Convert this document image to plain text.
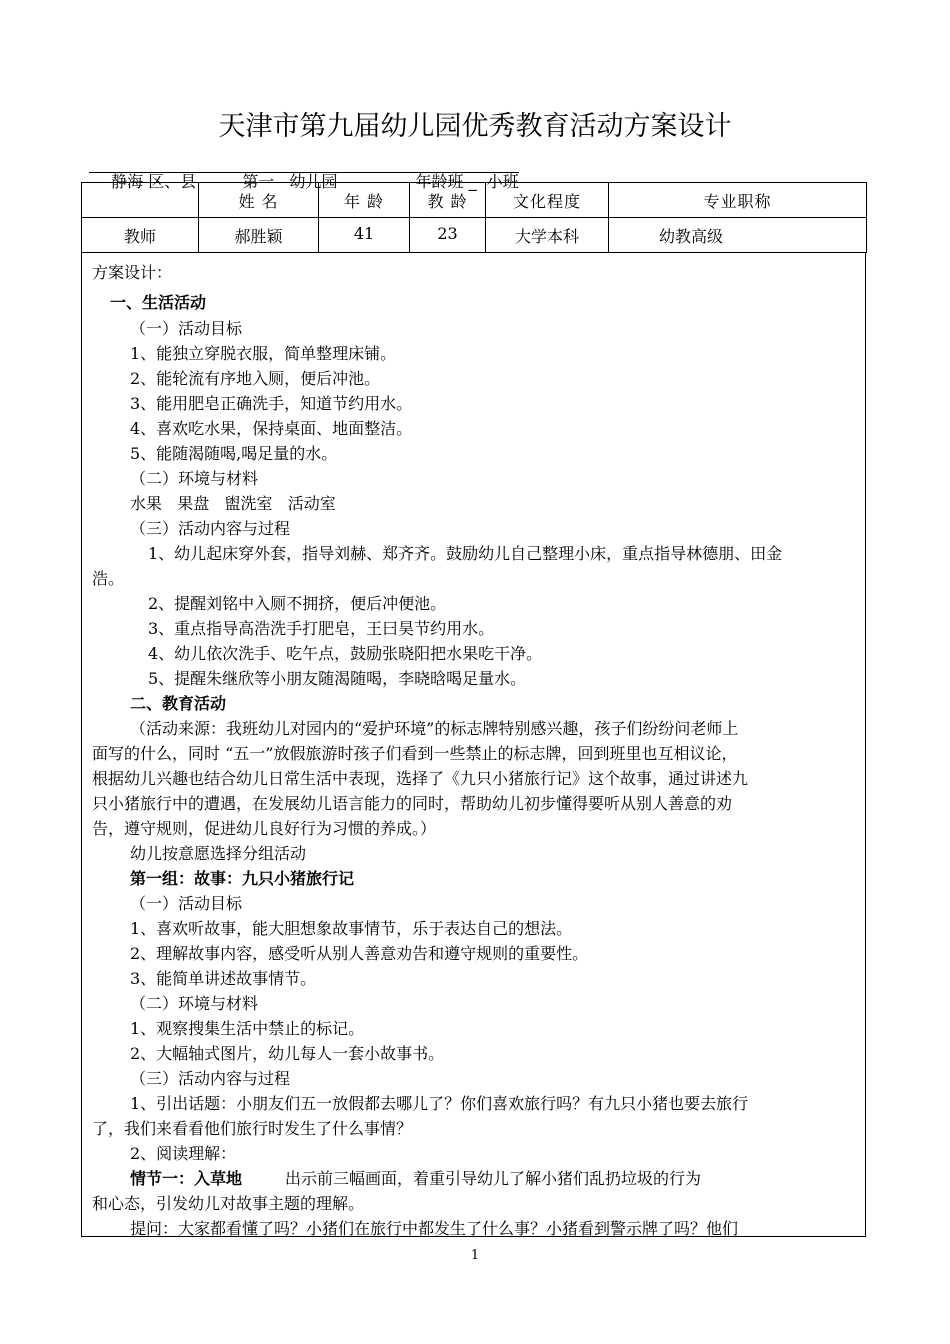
天津市第九届幼儿园优秀教育活动方案设计

静海 区、县	第一   幼儿园	年龄班 _  小班

	姓 名	年 龄	教 龄	文化程度	专业职称
教师	郝胜颖	41	23	大学本科	幼教高级
方案设计：
一、生活活动
（一）活动目标
1、能独立穿脱衣服，简单整理床铺。
2、能轮流有序地入厕，便后冲池。
3、能用肥皂正确洗手，知道节约用水。
4、喜欢吃水果，保持桌面、地面整洁。
5、能随渴随喝,喝足量的水。
（二）环境与材料
水果   果盘   盥洗室   活动室
（三）活动内容与过程
1、幼儿起床穿外套，指导刘赫、郑齐齐。鼓励幼儿自己整理小床，重点指导林德朋、田金
浩。
2、提醒刘铭中入厕不拥挤，便后冲便池。
3、重点指导高浩洗手打肥皂，王曰昊节约用水。
4、幼儿依次洗手、吃午点，鼓励张晓阳把水果吃干净。
5、提醒朱继欣等小朋友随渴随喝，李晓晗喝足量水。
二、教育活动
（活动来源：我班幼儿对园内的“爱护环境”的标志牌特别感兴趣，孩子们纷纷问老师上
面写的什么，同时 “五一”放假旅游时孩子们看到一些禁止的标志牌，回到班里也互相议论，
根据幼儿兴趣也结合幼儿日常生活中表现，选择了《九只小猪旅行记》这个故事，通过讲述九
只小猪旅行中的遭遇，在发展幼儿语言能力的同时，帮助幼儿初步懂得要听从别人善意的劝
告，遵守规则，促进幼儿良好行为习惯的养成。）
幼儿按意愿选择分组活动
第一组：故事：九只小猪旅行记
（一）活动目标
1、喜欢听故事，能大胆想象故事情节，乐于表达自己的想法。
2、理解故事内容，感受听从别人善意劝告和遵守规则的重要性。
3、能简单讲述故事情节。
（二）环境与材料
1、观察搜集生活中禁止的标记。
2、大幅轴式图片，幼儿每人一套小故事书。
（三）活动内容与过程
1、引出话题：小朋友们五一放假都去哪儿了？你们喜欢旅行吗？有九只小猪也要去旅行
了，我们来看看他们旅行时发生了什么事情？
2、阅读理解：
情节一：入草地	出示前三幅画面，着重引导幼儿了解小猪们乱扔垃圾的行为
和心态，引发幼儿对故事主题的理解。
提问：大家都看懂了吗？小猪们在旅行中都发生了什么事？小猪看到警示牌了吗？他们
1
